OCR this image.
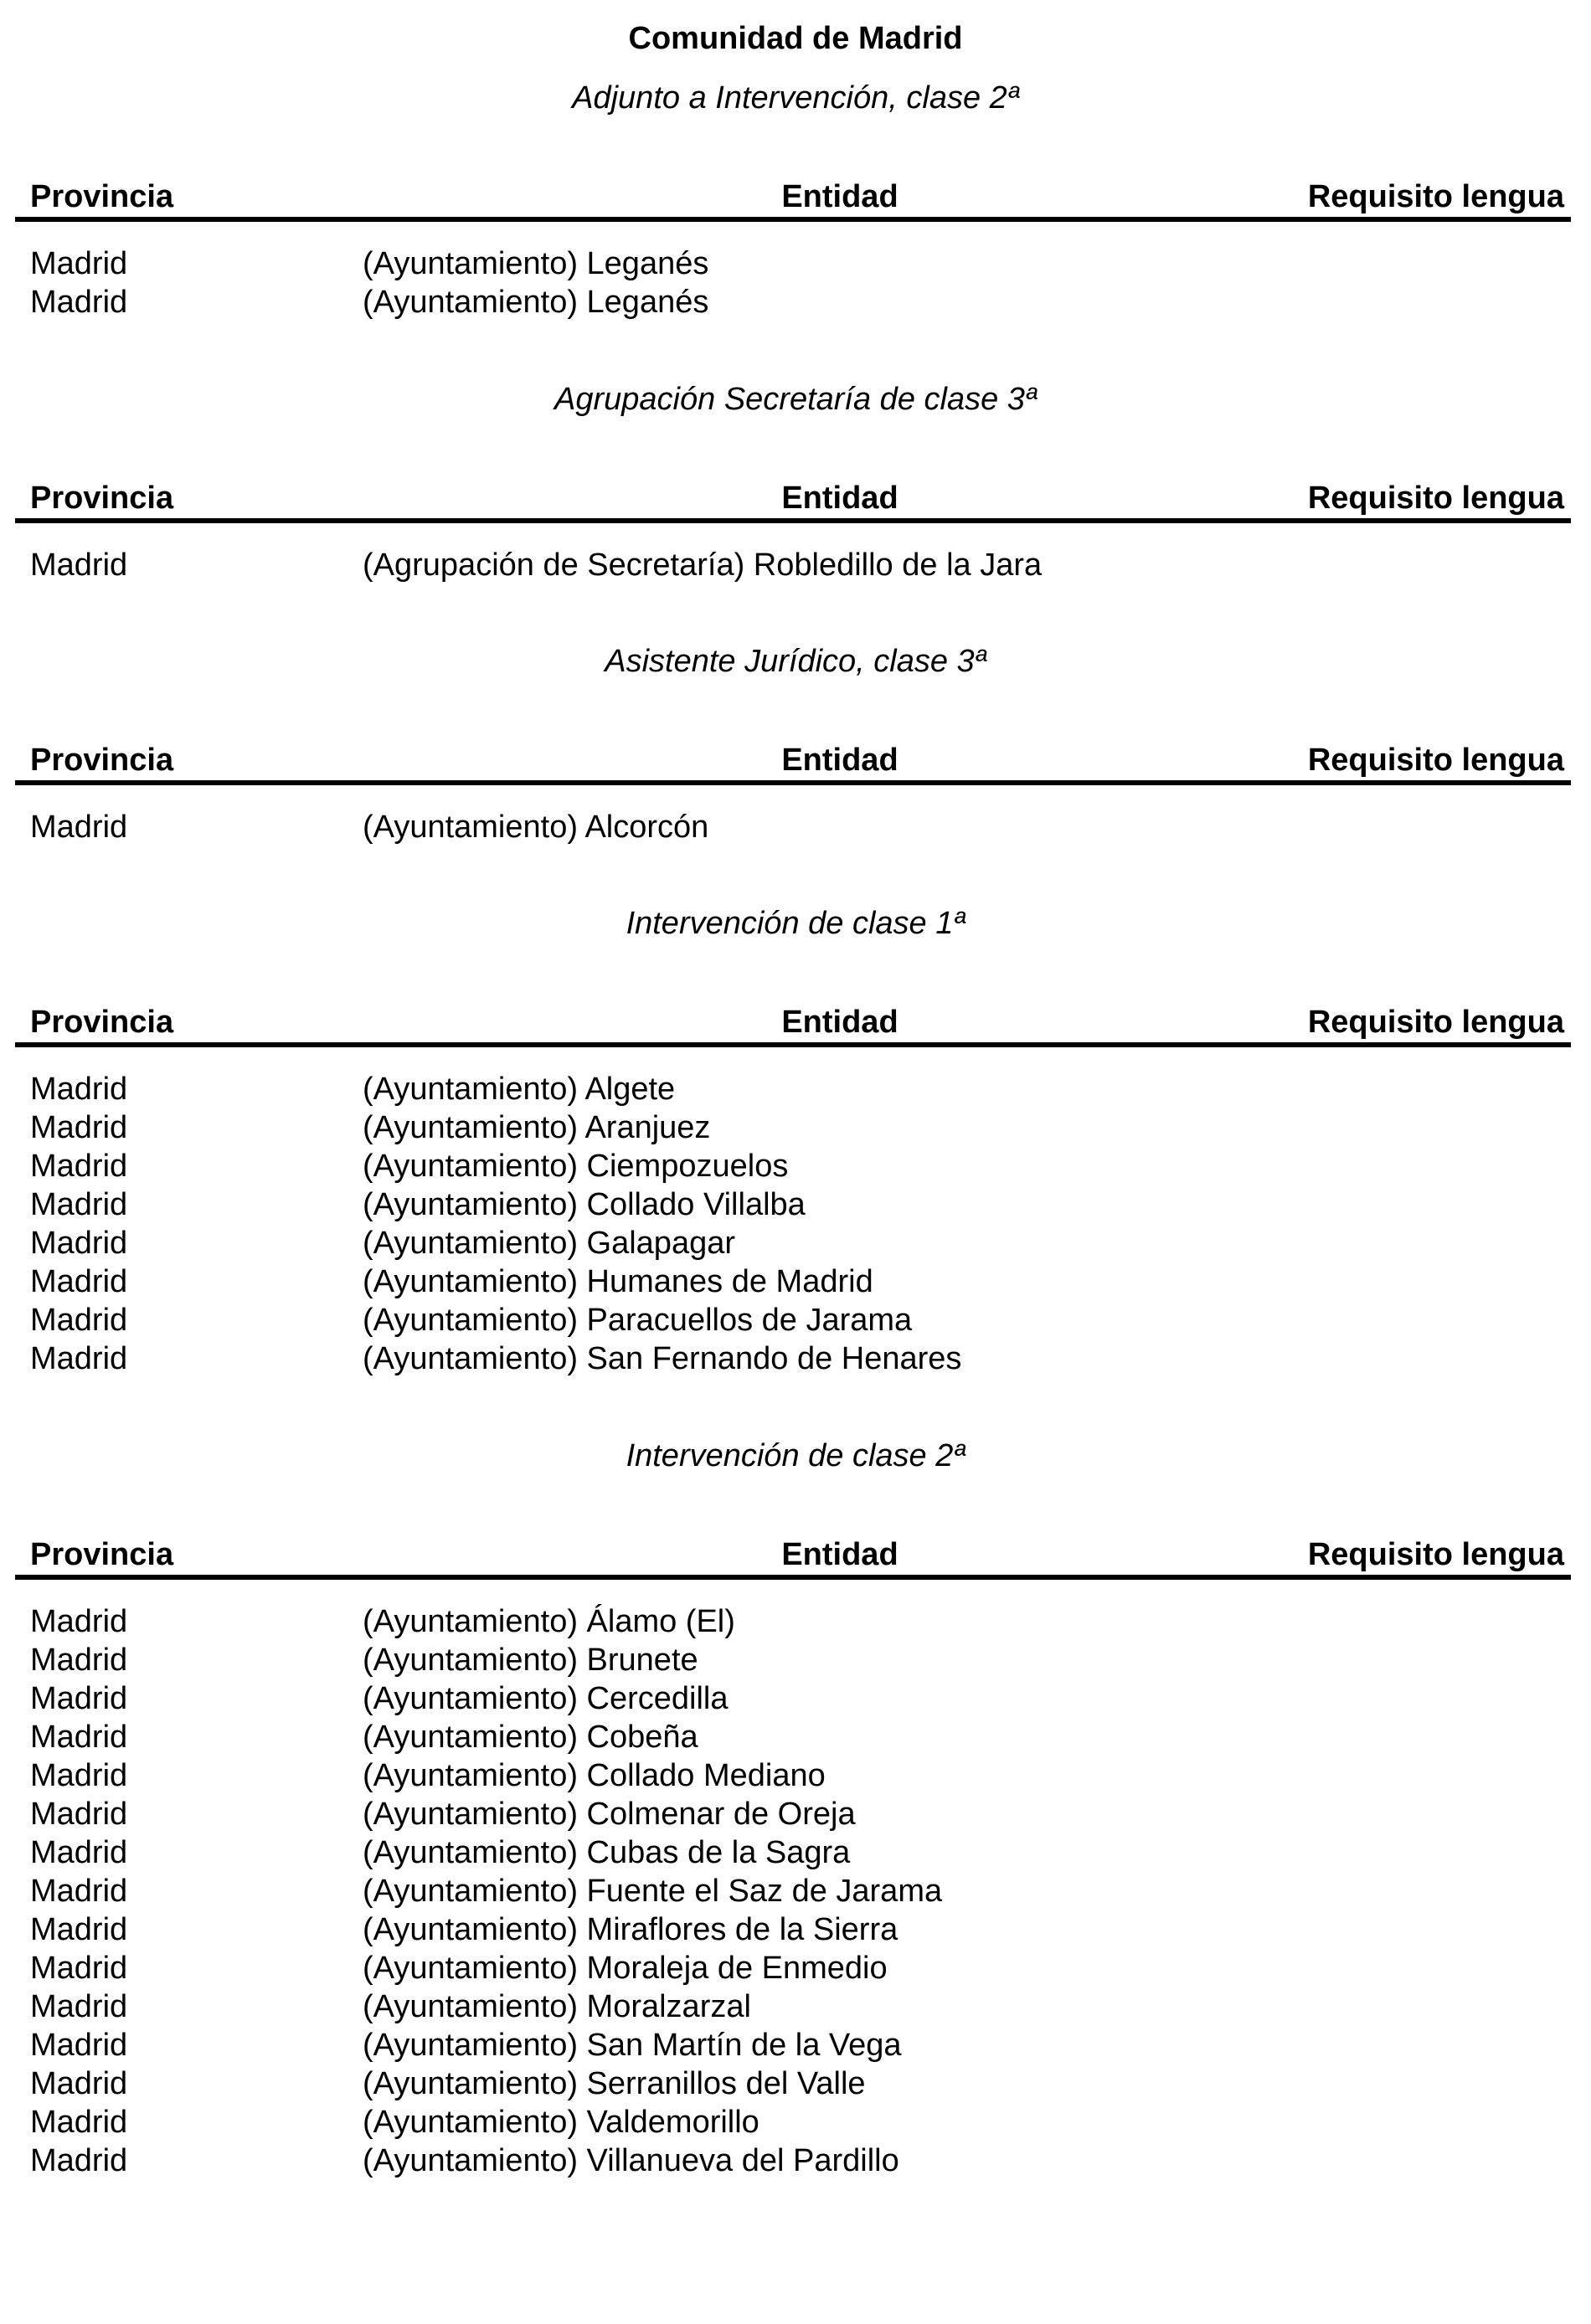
Comunidad de Madrid
Adjunto a Intervención, clase 2ª
Provincia	Entidad	Requisito lengua
Madrid	(Ayuntamiento) Leganés
Madrid	(Ayuntamiento) Leganés
Agrupación Secretaría de clase 3ª
Provincia	Entidad	Requisito lengua
Madrid	(Agrupación de Secretaría) Robledillo de la Jara
Asistente Jurídico, clase 3ª
Provincia	Entidad	Requisito lengua
Madrid	(Ayuntamiento) Alcorcón
Intervención de clase 1ª
Provincia	Entidad	Requisito lengua
Madrid	(Ayuntamiento) Algete
Madrid	(Ayuntamiento) Aranjuez
Madrid	(Ayuntamiento) Ciempozuelos
Madrid	(Ayuntamiento) Collado Villalba
Madrid	(Ayuntamiento) Galapagar
Madrid	(Ayuntamiento) Humanes de Madrid
Madrid	(Ayuntamiento) Paracuellos de Jarama
Madrid	(Ayuntamiento) San Fernando de Henares
Intervención de clase 2ª
Provincia	Entidad	Requisito lengua
Madrid	(Ayuntamiento) Álamo (El)
Madrid	(Ayuntamiento) Brunete
Madrid	(Ayuntamiento) Cercedilla
Madrid	(Ayuntamiento) Cobeña
Madrid	(Ayuntamiento) Collado Mediano
Madrid	(Ayuntamiento) Colmenar de Oreja
Madrid	(Ayuntamiento) Cubas de la Sagra
Madrid	(Ayuntamiento) Fuente el Saz de Jarama
Madrid	(Ayuntamiento) Miraflores de la Sierra
Madrid	(Ayuntamiento) Moraleja de Enmedio
Madrid	(Ayuntamiento) Moralzarzal
Madrid	(Ayuntamiento) San Martín de la Vega
Madrid	(Ayuntamiento) Serranillos del Valle
Madrid	(Ayuntamiento) Valdemorillo
Madrid	(Ayuntamiento) Villanueva del Pardillo
